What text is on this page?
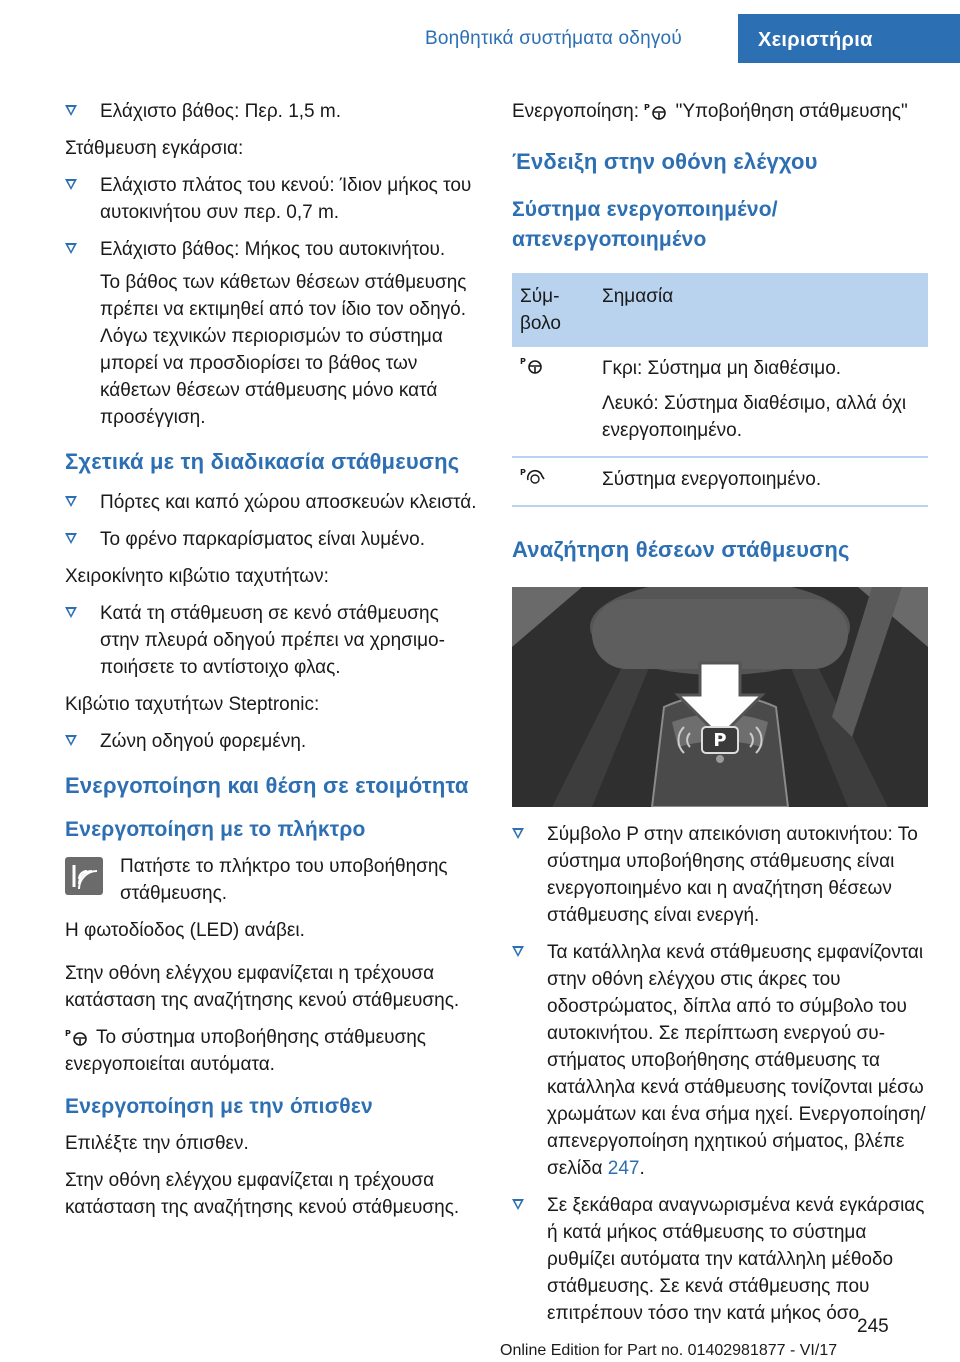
Βοηθητικά συστήματα οδηγού	Χειριστήρια
Ελάχιστο βάθος: Περ. 1,5 m.

Στάθμευση εγκάρσια:

Ελάχιστο πλάτος του κενού: Ίδιον μήκος του αυτοκινήτου συν περ. 0,7 m.
Ελάχιστο βάθος: Μήκος του αυτοκινήτου.

Το βάθος των κάθετων θέσεων στάθμευσης πρέπει να εκτιμηθεί από τον ίδιο τον οδηγό. Λόγω τεχνικών περιορισμών το σύστημα μπορεί να προσδιορίσει το βάθος των κάθετων θέσεων στάθμευσης μόνο κατά προσέγγιση.

Σχετικά με τη διαδικασία στάθμευσης
Πόρτες και καπό χώρου αποσκευών κλειστά.
Το φρένο παρκαρίσματος είναι λυμένο.

Χειροκίνητο κιβώτιο ταχυτήτων:

Κατά τη στάθμευση σε κενό στάθμευσης στην πλευρά οδηγού πρέπει να χρησιμοποιήσετε το αντίστοιχο φλας.

Κιβώτιο ταχυτήτων Steptronic:

Ζώνη οδηγού φορεμένη.
Ενεργοποίηση και θέση σε ετοιμότητα
Ενεργοποίηση με το πλήκτρο
Πατήστε το πλήκτρο του υποβοήθησης στάθμευσης.

Η φωτοδίοδος (LED) ανάβει.

Στην οθόνη ελέγχου εμφανίζεται η τρέχουσα κατάσταση της αναζήτησης κενού στάθμευσης.

P Το σύστημα υποβοήθησης στάθμευσης ενεργοποιείται αυτόματα.

Ενεργοποίηση με την όπισθεν

Επιλέξτε την όπισθεν.

Στην οθόνη ελέγχου εμφανίζεται η τρέχουσα κατάσταση της αναζήτησης κενού στάθμευσης.

Ενεργοποίηση: P "Υποβοήθηση στάθμευσης"

Ένδειξη στην οθόνη ελέγχου
Σύστημα ενεργοποιημένο/απενεργοποιημένο
Σύμβολο	Σημασία

P	Γκρι: Σύστημα μη διαθέσιμο.

Λευκό: Σύστημα διαθέσιμο, αλλά όχι ενεργοποιημένο.

P	Σύστημα ενεργοποιημένο.
Αναζήτηση θέσεων στάθμευσης
P
Σύμβολο P στην απεικόνιση αυτοκινήτου: Το σύστημα υποβοήθησης στάθμευσης είναι ενεργοποιημένο και η αναζήτηση θέσεων στάθμευσης είναι ενεργή.
Τα κατάλληλα κενά στάθμευσης εμφανίζονται στην οθόνη ελέγχου στις άκρες του οδοστρώματος, δίπλα από το σύμβολο του αυτοκινήτου. Σε περίπτωση ενεργού συστήματος υποβοήθησης στάθμευσης τα κατάλληλα κενά στάθμευσης τονίζονται μέσω χρωμάτων και ένα σήμα ηχεί. Ενεργοποίηση/απενεργοποίηση ηχητικού σήματος, βλέπε σελίδα 247.
Σε ξεκάθαρα αναγνωρισμένα κενά εγκάρσιας ή κατά μήκος στάθμευσης το σύστημα ρυθμίζει αυτόματα την κατάλληλη μέθοδο στάθμευσης. Σε κενά στάθμευσης που επιτρέπουν τόσο την κατά μήκος όσο
245
Online Edition for Part no. 01402981877 - VI/17
